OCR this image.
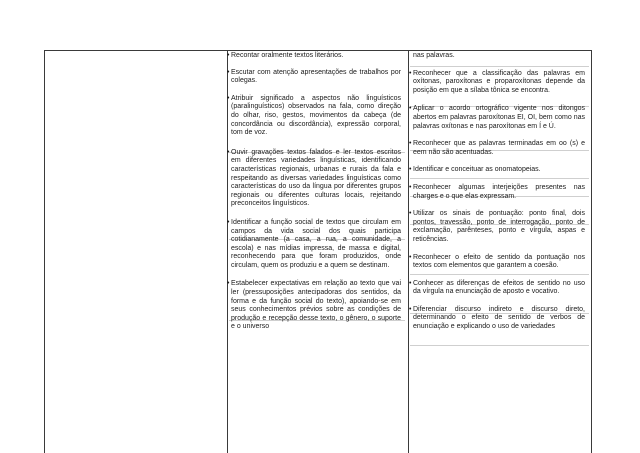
• Recontar oralmente textos literários.
• Escutar com atenção apresentações de trabalhos por colegas.
• Atribuir significado a aspectos não linguísticos (paralinguísticos) observados na fala, como direção do olhar, riso, gestos, movimentos da cabeça (de concordância ou discordância), expressão corporal, tom de voz.
• Ouvir gravações textos falados e ler textos escritos em diferentes variedades linguísticas, identificando características regionais, urbanas e rurais da fala e respeitando as diversas variedades linguísticas como características do uso da língua por diferentes grupos regionais ou diferentes culturas locais, rejeitando preconceitos linguísticos.
• Identificar a função social de textos que circulam em campos da vida social dos quais participa cotidianamente (a casa, a rua, a comunidade, a escola) e nas mídias impressa, de massa e digital, reconhecendo para que foram produzidos, onde circulam, quem os produziu e a quem se destinam.
• Estabelecer expectativas em relação ao texto que vai ler (pressuposições antecipadoras dos sentidos, da forma e da função social do texto), apoiando-se em seus conhecimentos prévios sobre as condições de produção e recepção desse texto, o gênero, o suporte e o universo
nas palavras.
• Reconhecer que a classificação das palavras em oxítonas, paroxítonas e proparoxítonas depende da posição em que a sílaba tônica se encontra.
• Aplicar o acordo ortográfico vigente nos ditongos abertos em palavras paroxítonas EI, OI, bem como nas palavras oxítonas e nas paroxítonas em Í e Ú.
• Reconhecer que as palavras terminadas em oo (s) e eem não são acentuadas.
• Identificar e conceituar as onomatopeias.
• Reconhecer algumas interjeições presentes nas charges e o que elas expressam.
• Utilizar os sinais de pontuação: ponto final, dois pontos, travessão, ponto de interrogação, ponto de exclamação, parênteses, ponto e vírgula, aspas e reticências.
• Reconhecer o efeito de sentido da pontuação nos textos com elementos que garantem a coesão.
• Conhecer as diferenças de efeitos de sentido no uso da vírgula na enunciação de aposto e vocativo.
• Diferenciar discurso indireto e discurso direto, determinando o efeito de sentido de verbos de enunciação e explicando o uso de variedades
